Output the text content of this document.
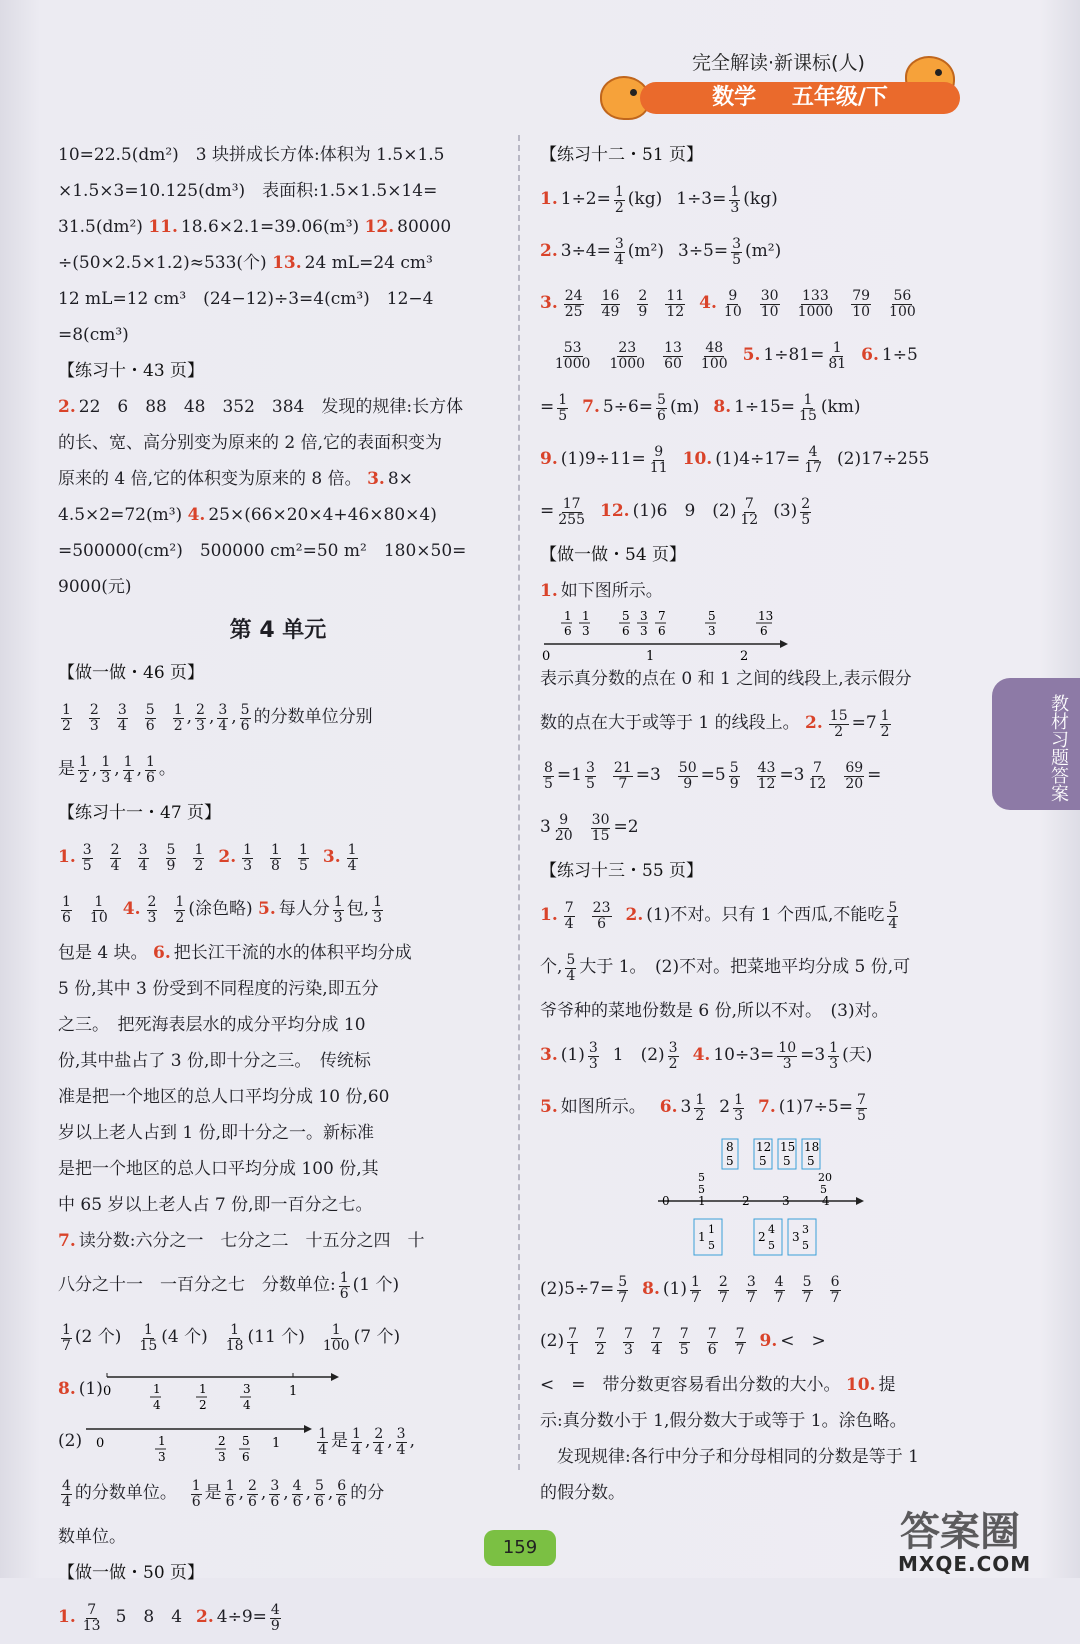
完全解读·新课标(人)
数学 五年级/下
10=22.5(dm²)　3 块拼成长方体:体积为 1.5×1.5
×1.5×3=10.125(dm³)　表面积:1.5×1.5×14=
31.5(dm²)
11. 18.6×2.1=39.06(m³)
12. 80000
÷(50×2.5×1.2)≈533(个)
13. 24 mL=24 cm³
12 mL=12 cm³　(24−12)÷3=4(cm³)　12−4
=8(cm³)
【练习十・43 页】
2. 22　6　88　48　352　384　发现的规律:长方体
的长、宽、高分别变为原来的 2 倍,它的表面积变为
原来的 4 倍,它的体积变为原来的 8 倍。
3. 8×
4.5×2=72(m³)
4. 25×(66×20×4+46×80×4)
=500000(cm²)　500000 cm²=50 m²　180×50=
9000(元)
第 4 单元
【做一做・46 页】
1
2
2
3
3
4
5
6
1
2 , 2
3 , 3
4 , 5
6 的分数单位分别
是 1
2 , 1
3 , 1
4 , 1
6 。
【练习十一・47 页】
1. 3
5
2
4
3
4
5
9
1
2 2. 1
3
1
8
1
5 3. 1
4
1
6
1
10 4. 2
3
1
2 (涂色略)
5. 每人分 1
3 包, 1
3
包是 4 块。
6. 把长江干流的水的体积平均分成
5 份,其中 3 份受到不同程度的污染,即五分
之三。　把死海表层水的成分平均分成 10
份,其中盐占了 3 份,即十分之三。　传统标
准是把一个地区的总人口平均分成 10 份,60
岁以上老人占到 1 份,即十分之一。新标准
是把一个地区的总人口平均分成 100 份,其
中 65 岁以上老人占 7 份,即一百分之七。
7. 读分数:六分之一　七分之二　十五分之四　十
八分之十一　一百分之七　分数单位: 1
6 (1 个)
1
7 (2 个) 1
15 (4 个) 1
18 (11 个) 1
100 (7 个)
8. (1) 0	1
4
1
2
3
4
1
(2) 0	1
3
2
3
5
6
1
1
4 是 1
4 , 2
4 , 3
4 ,
4
4 的分数单位。
1
6 是 1
6 , 2
6 , 3
6 , 4
6 , 5
6 , 6
6 的分
数单位。
【做一做・50 页】
1. 7
13 5　8　4 2. $4\div 9= \frac{4}{9}$
【练习十二・51 页】
1. $1\div 2= \frac{1}{2} (kg)$ $1\div 3= \frac{1}{3} (kg)$
2. $3\div 4= \frac{3}{4} (m^2)$ $3\div 5= \frac{3}{5} (m^2)$
3. 24
25
16
49
2
9
11
12 4. 9
10
30
10
133
1000
79
10
56
100

53
1000
23
1000
13
60
48
100 5. $1\div 81= \frac{1}{81} 6$. 1÷5
= 1
5 7. $5\div 6= \frac{5}{6} (m)$ 8. $1\div 15= \frac{1}{15} (km)$
9. $(1)9\div 11= \frac{9}{11} 10$. $(1)4\div 17= \frac{4}{17} (2)17\div 255$
= 17
255 12. (1)6　9　(2) 7
12 (3) 2
5
【做一做・54 页】
1. 如下图所示。
1
6
1
3
5
6
3
3
7
6
5
3
13
6
0	1	2
表示真分数的点在 0 和 1 之间的线段上,表示假分
数的点在大于或等于 1 的线段上。
2. 15
2 =7 1
2
8
5 =1 3
$5 \frac{21}{7} =3$ 50
9 =5 5
9
43
12 =3 7
12
69
20 =
3 9
20
30
15 =2
【练习十三・55 页】
1. 7
4
23
6 2. (1)不对。只有 1 个西瓜,不能吃 5
4
个, 5
4 大于 1。　(2)不对。把菜地平均分成 5 份,可
爷爷种的菜地份数是 6 份,所以不对。　(3)对。
3. (1) 3
3 1　(2) 3
2 4. $10\div 3= \frac{10}{3} =3$ 1
3 (天)
5. 如图所示。 6. 3 1
2 2 1
3 7. $(1)7\div 5= \frac{7}{5}$
8
5
12
5
15
5
18
5
5
5
20
5
0 1	2	3	4
1
1
5
2
4
5
3
3
5
$(2)5\div 7= \frac{5}{7} 8$. (1) 1
7
2
7
3
7
4
7
5
7
6
7
(2) 7
1
7
2
7
3
7
4
7
5
7
6
7
7 9. <　>
<　=　带分数更容易看出分数的大小。
10. 提
示:真分数小于 1,假分数大于或等于 1。涂色略。
　发现规律:各行中分子和分母相同的分数是等于 1
的假分数。
教材习题答案
159	答案圈
MXQE.COM
